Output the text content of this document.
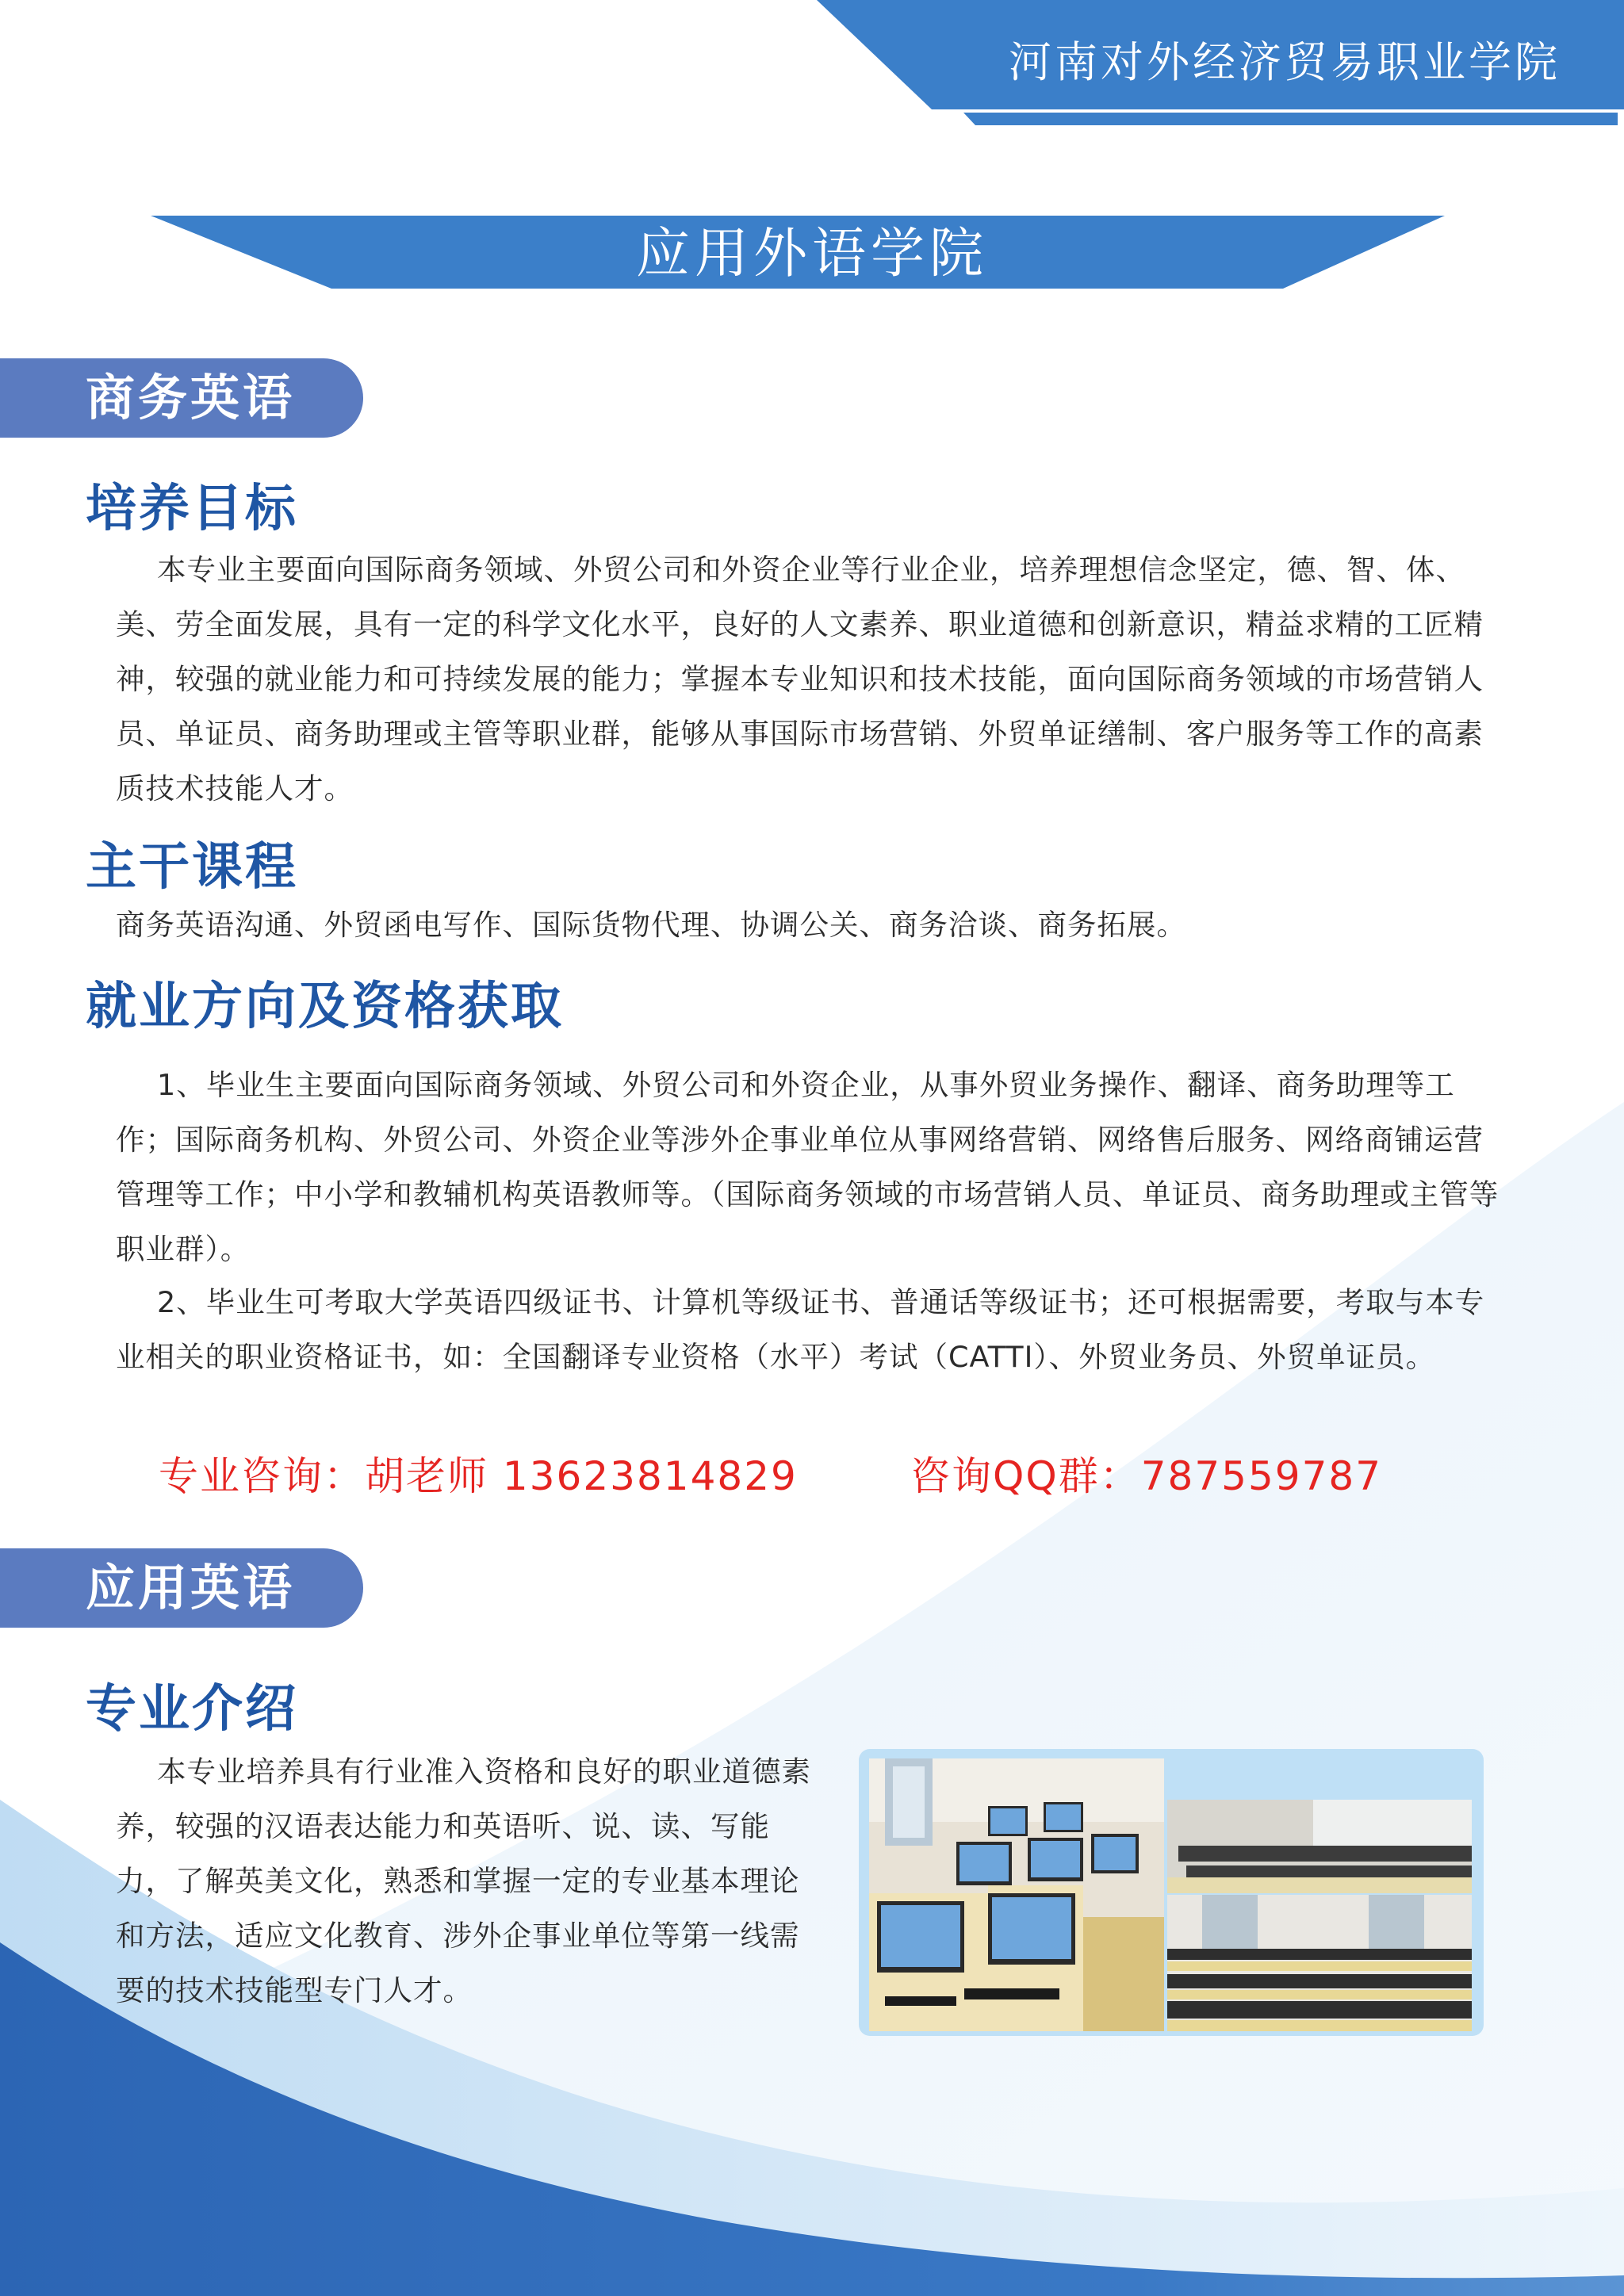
河南对外经济贸易职业学院
应用外语学院
商务英语
培养目标

本专业主要面向国际商务领域、外贸公司和外资企业等行业企业，培养理想信念坚定，德、智、体、美、劳全面发展，具有一定的科学文化水平，良好的人文素养、职业道德和创新意识，精益求精的工匠精神，较强的就业能力和可持续发展的能力；掌握本专业知识和技术技能，面向国际商务领域的市场营销人员、单证员、商务助理或主管等职业群，能够从事国际市场营销、外贸单证缮制、客户服务等工作的高素质技术技能人才。

主干课程

商务英语沟通、外贸函电写作、国际货物代理、协调公关、商务洽谈、商务拓展。

就业方向及资格获取

1、毕业生主要面向国际商务领域、外贸公司和外资企业，从事外贸业务操作、翻译、商务助理等工作；国际商务机构、外贸公司、外资企业等涉外企事业单位从事网络营销、网络售后服务、网络商铺运营管理等工作；中小学和教辅机构英语教师等。（国际商务领域的市场营销人员、单证员、商务助理或主管等职业群）。

2、毕业生可考取大学英语四级证书、计算机等级证书、普通话等级证书；还可根据需要，考取与本专业相关的职业资格证书，如：全国翻译专业资格（水平）考试（CATTI）、外贸业务员、外贸单证员。

专业咨询：胡老师 13623814829	咨询QQ群：787559787
应用英语
专业介绍

本专业培养具有行业准入资格和良好的职业道德素养，较强的汉语表达能力和英语听、说、读、写能力，了解英美文化，熟悉和掌握一定的专业基本理论和方法，适应文化教育、涉外企事业单位等第一线需要的技术技能型专门人才。
